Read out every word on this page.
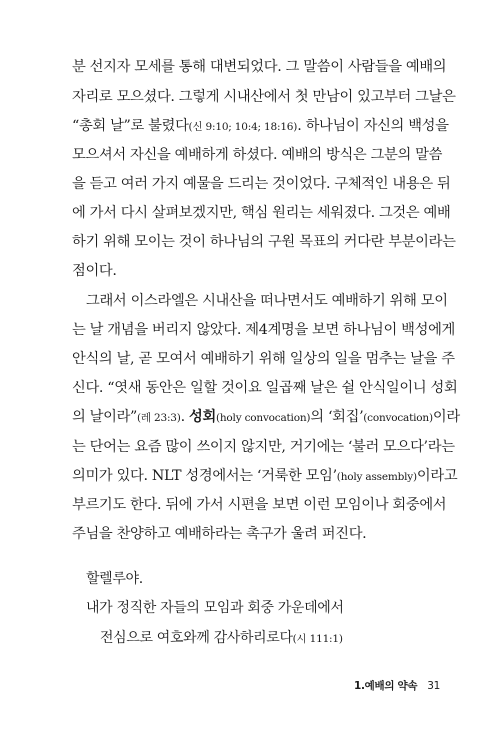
분 선지자 모세를 통해 대변되었다. 그 말씀이 사람들을 예배의
자리로 모으셨다. 그렇게 시내산에서 첫 만남이 있고부터 그날은
“총회 날”로 불렸다(신 9:10; 10:4; 18:16). 하나님이 자신의 백성을
모으셔서 자신을 예배하게 하셨다. 예배의 방식은 그분의 말씀
을 듣고 여러 가지 예물을 드리는 것이었다. 구체적인 내용은 뒤
에 가서 다시 살펴보겠지만, 핵심 원리는 세워졌다. 그것은 예배
하기 위해 모이는 것이 하나님의 구원 목표의 커다란 부분이라는
점이다.
그래서 이스라엘은 시내산을 떠나면서도 예배하기 위해 모이
는 날 개념을 버리지 않았다. 제4계명을 보면 하나님이 백성에게
안식의 날, 곧 모여서 예배하기 위해 일상의 일을 멈추는 날을 주
신다. “엿새 동안은 일할 것이요 일곱째 날은 쉴 안식일이니 성회
의 날이라”(레 23:3). 성회(holy convocation)의 ‘회집’(convocation)이라
는 단어는 요즘 많이 쓰이지 않지만, 거기에는 ‘불러 모으다’라는
의미가 있다. NLT 성경에서는 ‘거룩한 모임’(holy assembly)이라고
부르기도 한다. 뒤에 가서 시편을 보면 이런 모임이나 회중에서
주님을 찬양하고 예배하라는 촉구가 울려 퍼진다.
할렐루야.
내가 정직한 자들의 모임과 회중 가운데에서
전심으로 여호와께 감사하리로다(시 111:1)
1.예배의 약속 31
